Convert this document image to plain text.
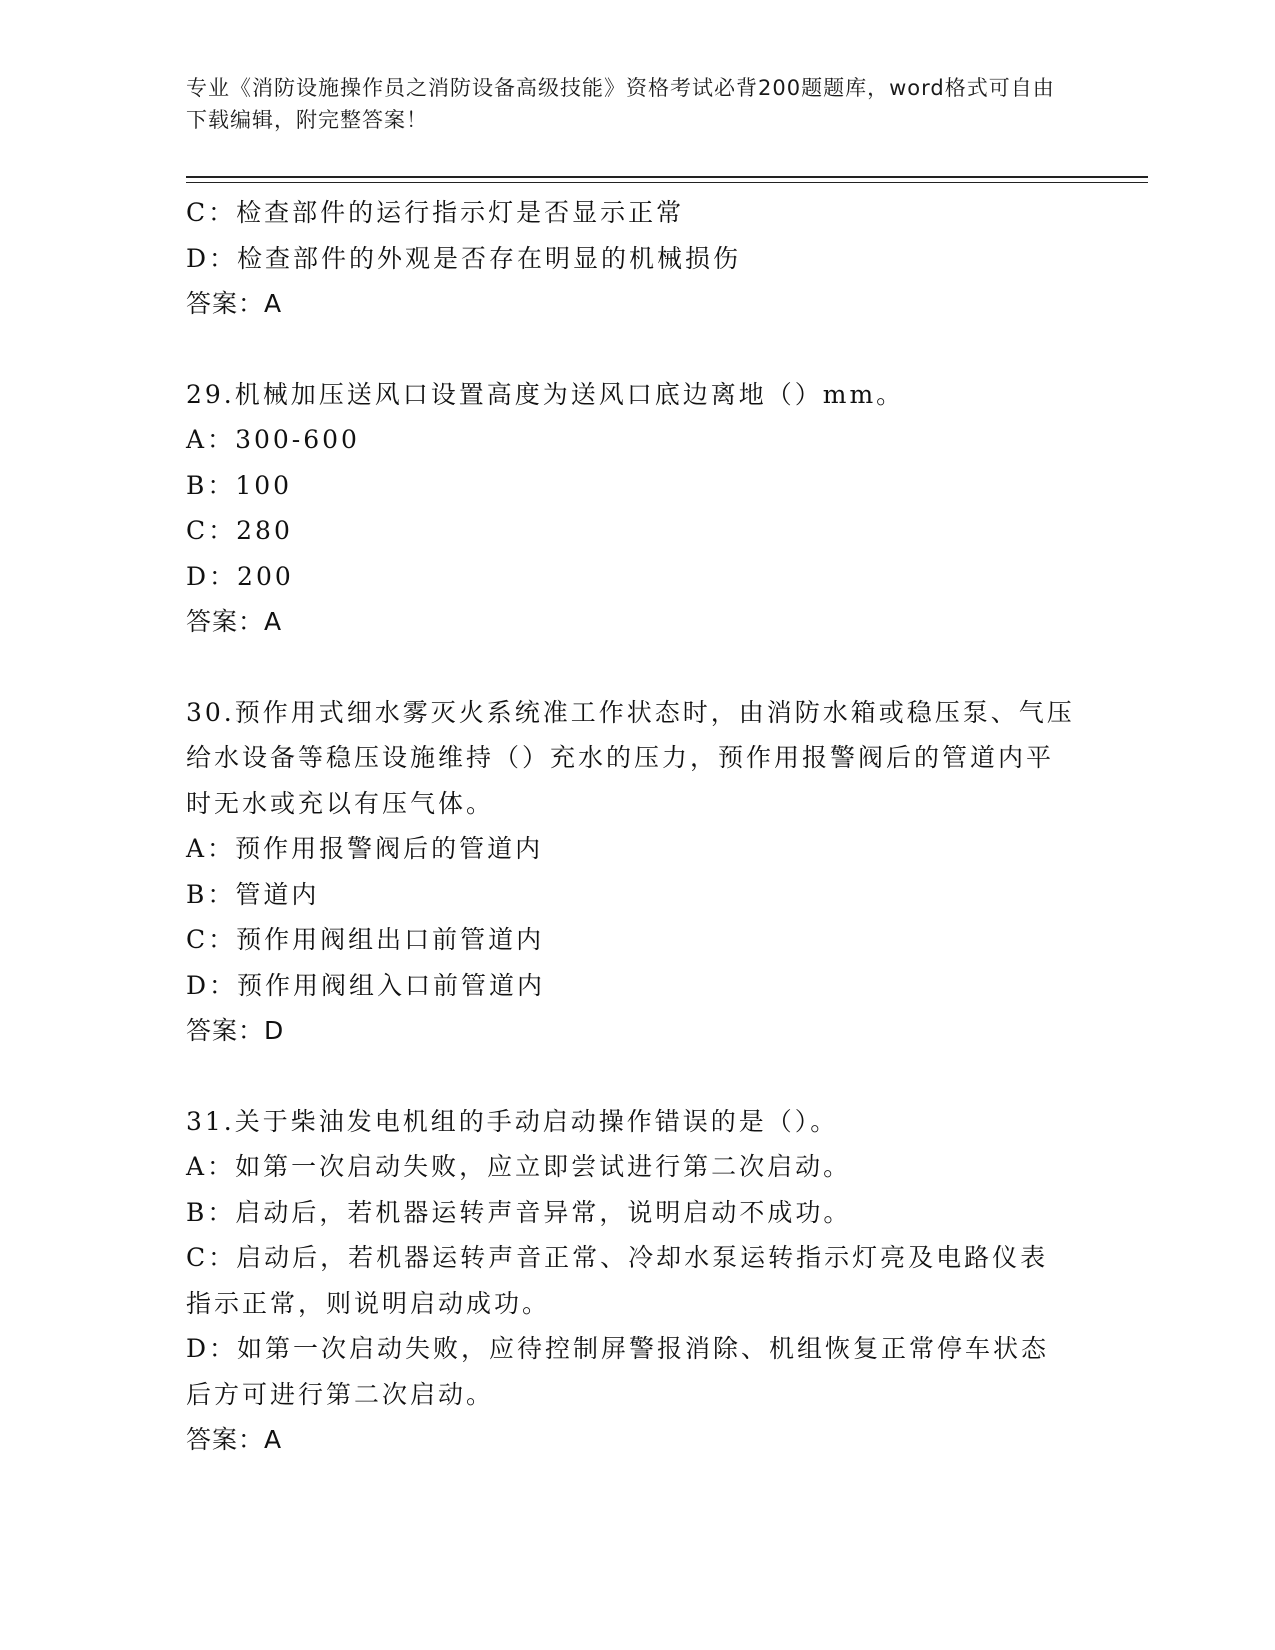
专业《消防设施操作员之消防设备高级技能》资格考试必背200题题库，word格式可自由下载编辑，附完整答案！
C：检查部件的运行指示灯是否显示正常
D：检查部件的外观是否存在明显的机械损伤
答案：A
29.机械加压送风口设置高度为送风口底边离地（）mm。
A：300-600
B：100
C：280
D：200
答案：A
30.预作用式细水雾灭火系统准工作状态时，由消防水箱或稳压泵、气压给水设备等稳压设施维持（）充水的压力，预作用报警阀后的管道内平时无水或充以有压气体。
A：预作用报警阀后的管道内
B：管道内
C：预作用阀组出口前管道内
D：预作用阀组入口前管道内
答案：D
31.关于柴油发电机组的手动启动操作错误的是（）。
A：如第一次启动失败，应立即尝试进行第二次启动。
B：启动后，若机器运转声音异常，说明启动不成功。
C：启动后，若机器运转声音正常、冷却水泵运转指示灯亮及电路仪表指示正常，则说明启动成功。
D：如第一次启动失败，应待控制屏警报消除、机组恢复正常停车状态后方可进行第二次启动。
答案：A
